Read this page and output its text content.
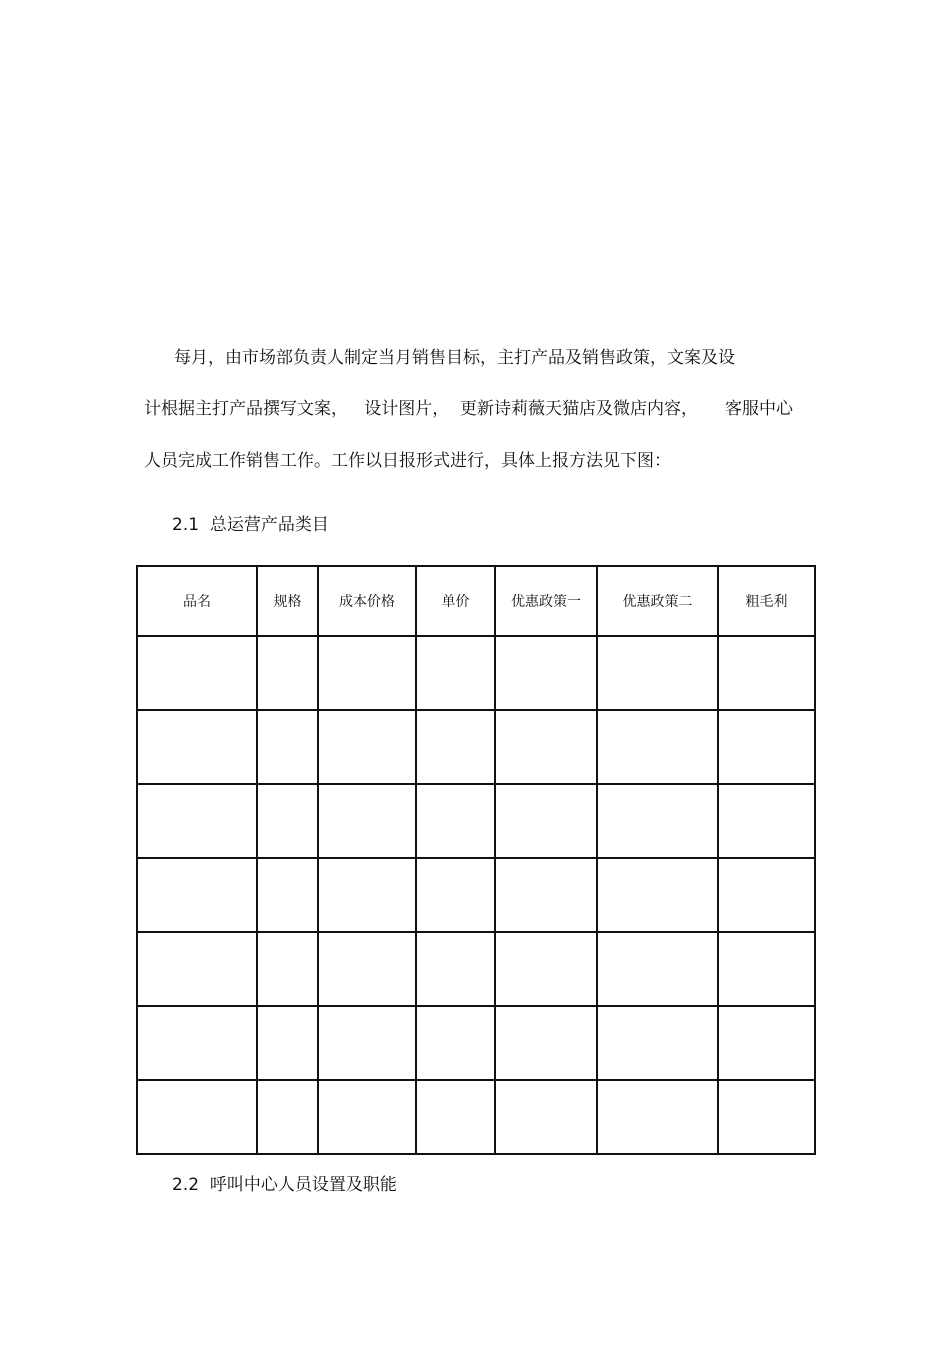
每月，由市场部负责人制定当月销售目标，主打产品及销售政策，文案及设
计根据主打产品撰写文案，   设计图片，  更新诗莉薇天猫店及微店内容，     客服中心
人员完成工作销售工作。工作以日报形式进行，具体上报方法见下图：
2.1  总运营产品类目
品名	规格	成本价格	单价	优惠政策一	优惠政策二	粗毛利

2.2  呼叫中心人员设置及职能
